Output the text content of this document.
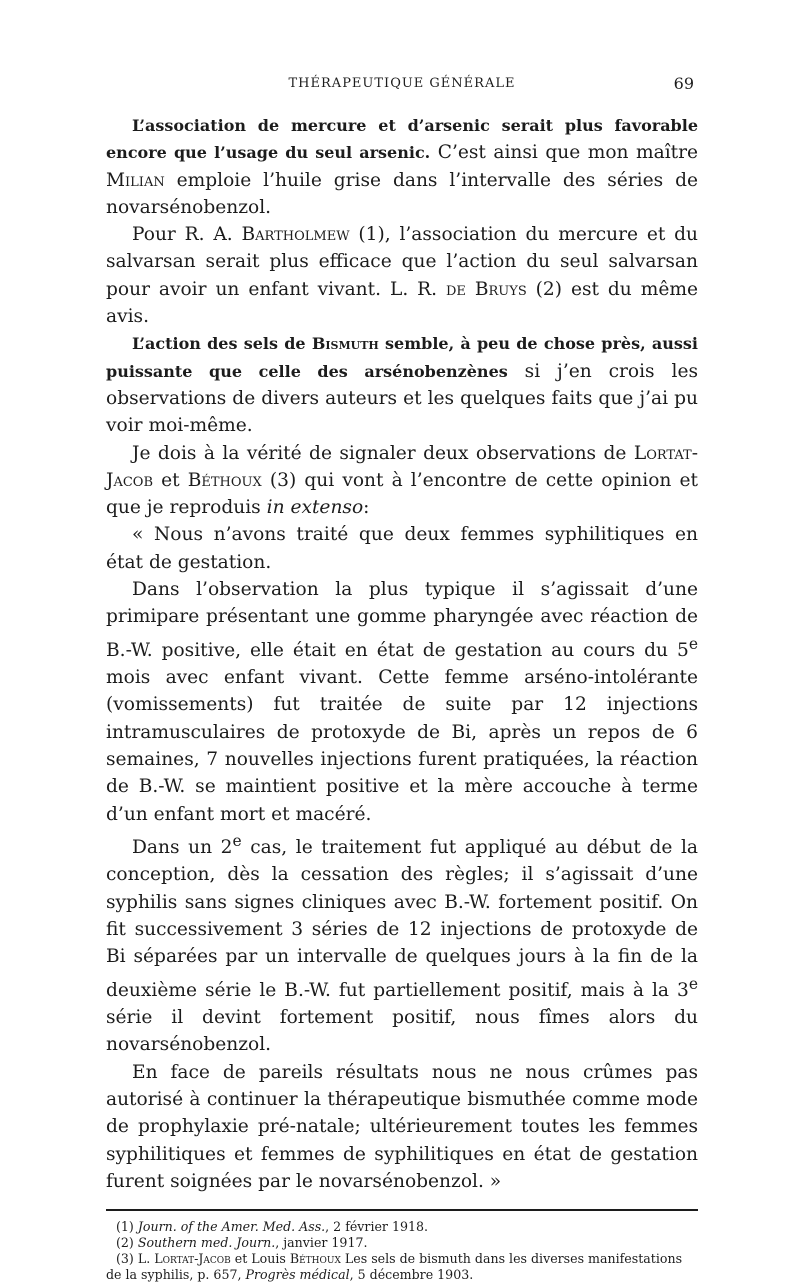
THÉRAPEUTIQUE GÉNÉRALE	69

L’association de mercure et d’arsenic serait plus favorable encore que l’usage du seul arsenic. C’est ainsi que mon maître Milian emploie l’huile grise dans l’intervalle des séries de novarsénobenzol.

Pour R. A. Bartholmew (1), l’association du mercure et du salvarsan serait plus efficace que l’action du seul salvarsan pour avoir un enfant vivant. L. R. de Bruys (2) est du même avis.

L’action des sels de Bismuth semble, à peu de chose près, aussi puissante que celle des arsénobenzènes si j’en crois les observations de divers auteurs et les quelques faits que j’ai pu voir moi-même.

Je dois à la vérité de signaler deux observations de Lortat-Jacob et Béthoux (3) qui vont à l’encontre de cette opinion et que je reproduis in extenso:

« Nous n’avons traité que deux femmes syphilitiques en état de gestation.

Dans l’observation la plus typique il s’agissait d’une primipare présentant une gomme pharyngée avec réaction de B.-W. positive, elle était en état de gestation au cours du 5e mois avec enfant vivant. Cette femme arséno-intolérante (vomissements) fut traitée de suite par 12 injections intramusculaires de protoxyde de Bi, après un repos de 6 semaines, 7 nouvelles injections furent pratiquées, la réaction de B.-W. se maintient positive et la mère accouche à terme d’un enfant mort et macéré.

Dans un 2e cas, le traitement fut appliqué au début de la conception, dès la cessation des règles; il s’agissait d’une syphilis sans signes cliniques avec B.-W. fortement positif. On fit successivement 3 séries de 12 injections de protoxyde de Bi séparées par un intervalle de quelques jours à la fin de la deuxième série le B.-W. fut partiellement positif, mais à la 3e série il devint fortement positif, nous fîmes alors du novarsénobenzol.

En face de pareils résultats nous ne nous crûmes pas autorisé à continuer la thérapeutique bismuthée comme mode de prophylaxie pré-natale; ultérieurement toutes les femmes syphilitiques et femmes de syphilitiques en état de gestation furent soignées par le novarsénobenzol. »

(1) Journ. of the Amer. Med. Ass., 2 février 1918.

(2) Southern med. Journ., janvier 1917.

(3) L. Lortat-Jacob et Louis Béthoux Les sels de bismuth dans les diverses manifestations de la syphilis, p. 657, Progrès médical, 5 décembre 1903.
